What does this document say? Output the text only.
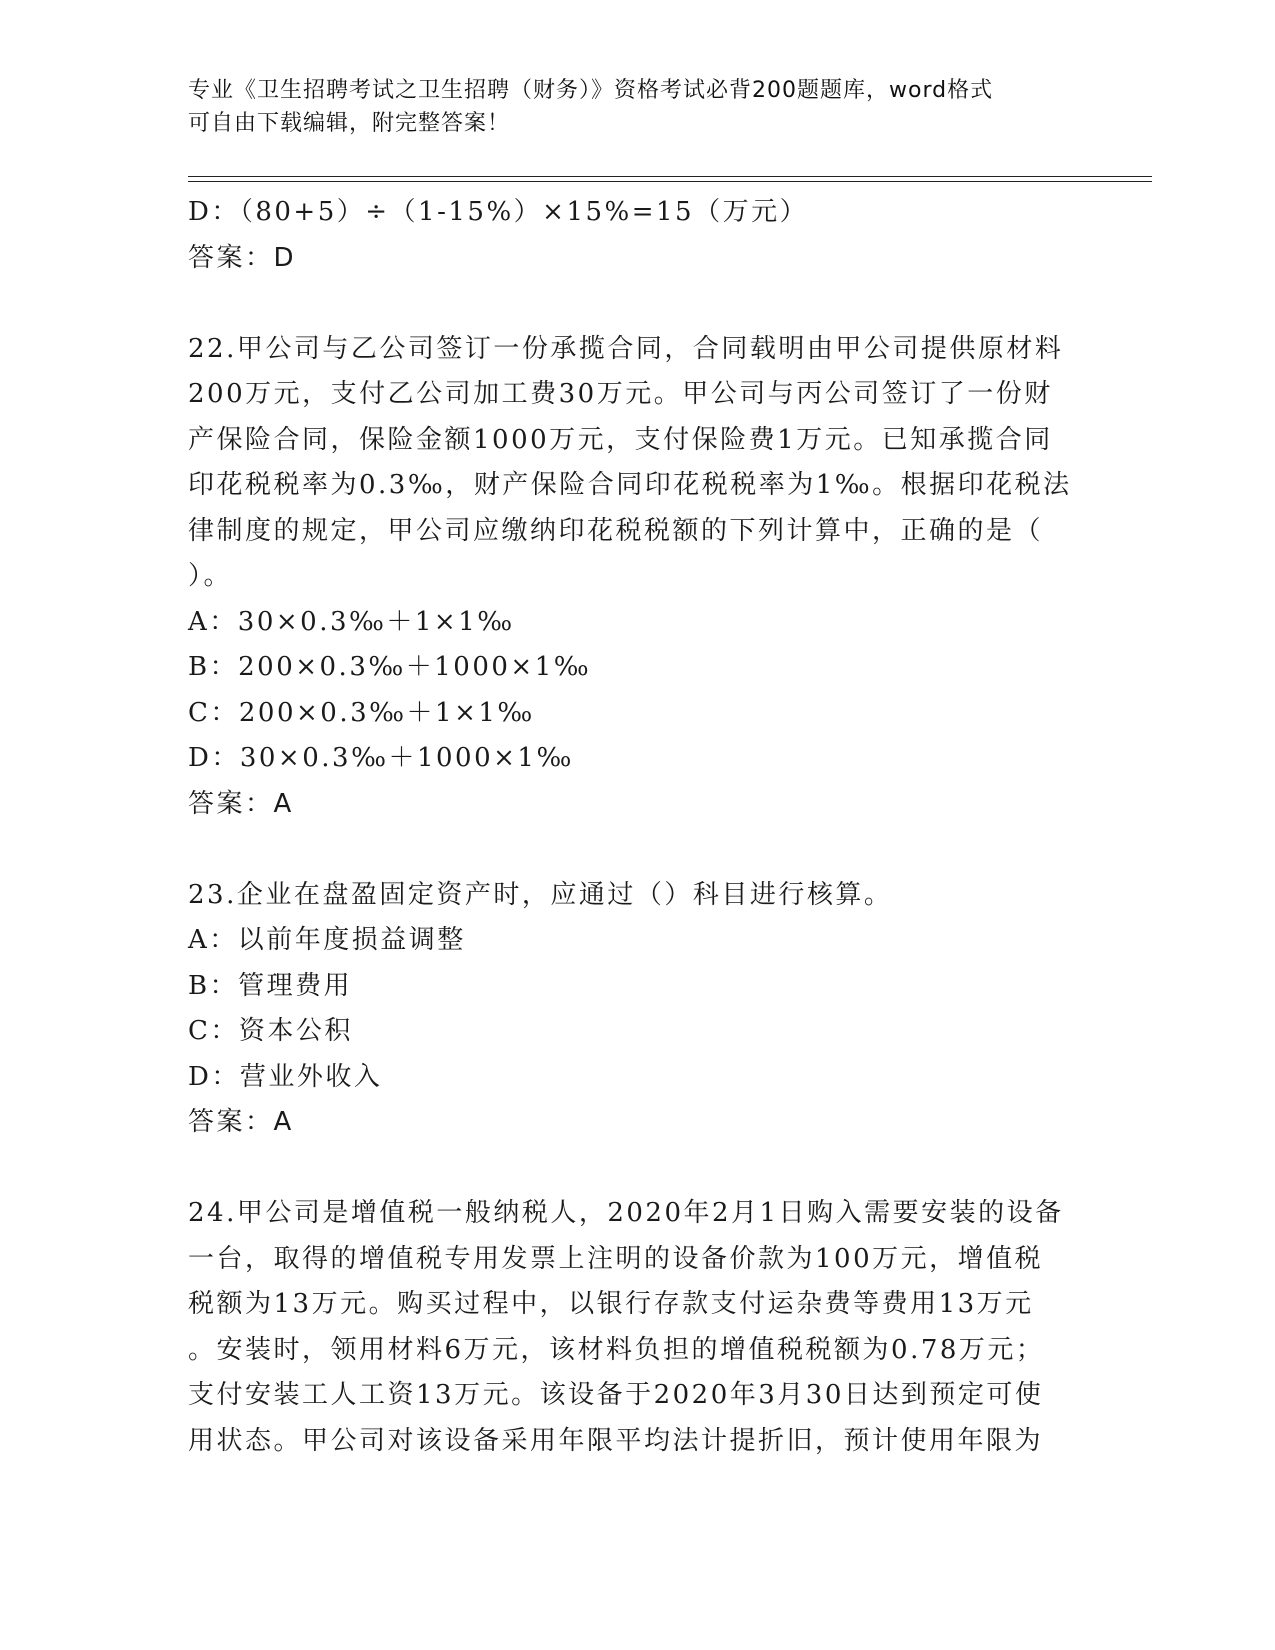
专业《卫生招聘考试之卫生招聘（财务）》资格考试必背200题题库，word格式
可自由下载编辑，附完整答案！
D：（80+5）÷（1-15%）×15%=15（万元）
答案：D
22.甲公司与乙公司签订一份承揽合同，合同载明由甲公司提供原材料
200万元，支付乙公司加工费30万元。甲公司与丙公司签订了一份财
产保险合同，保险金额1000万元，支付保险费1万元。已知承揽合同
印花税税率为0.3‰，财产保险合同印花税税率为1‰。根据印花税法
律制度的规定，甲公司应缴纳印花税税额的下列计算中，正确的是（
）。
A：30×0.3‰＋1×1‰
B：200×0.3‰＋1000×1‰
C：200×0.3‰＋1×1‰
D：30×0.3‰＋1000×1‰
答案：A
23.企业在盘盈固定资产时，应通过（）科目进行核算。
A：以前年度损益调整
B：管理费用
C：资本公积
D：营业外收入
答案：A
24.甲公司是增值税一般纳税人，2020年2月1日购入需要安装的设备
一台，取得的增值税专用发票上注明的设备价款为100万元，增值税
税额为13万元。购买过程中，以银行存款支付运杂费等费用13万元
。安装时，领用材料6万元，该材料负担的增值税税额为0.78万元；
支付安装工人工资13万元。该设备于2020年3月30日达到预定可使
用状态。甲公司对该设备采用年限平均法计提折旧，预计使用年限为
